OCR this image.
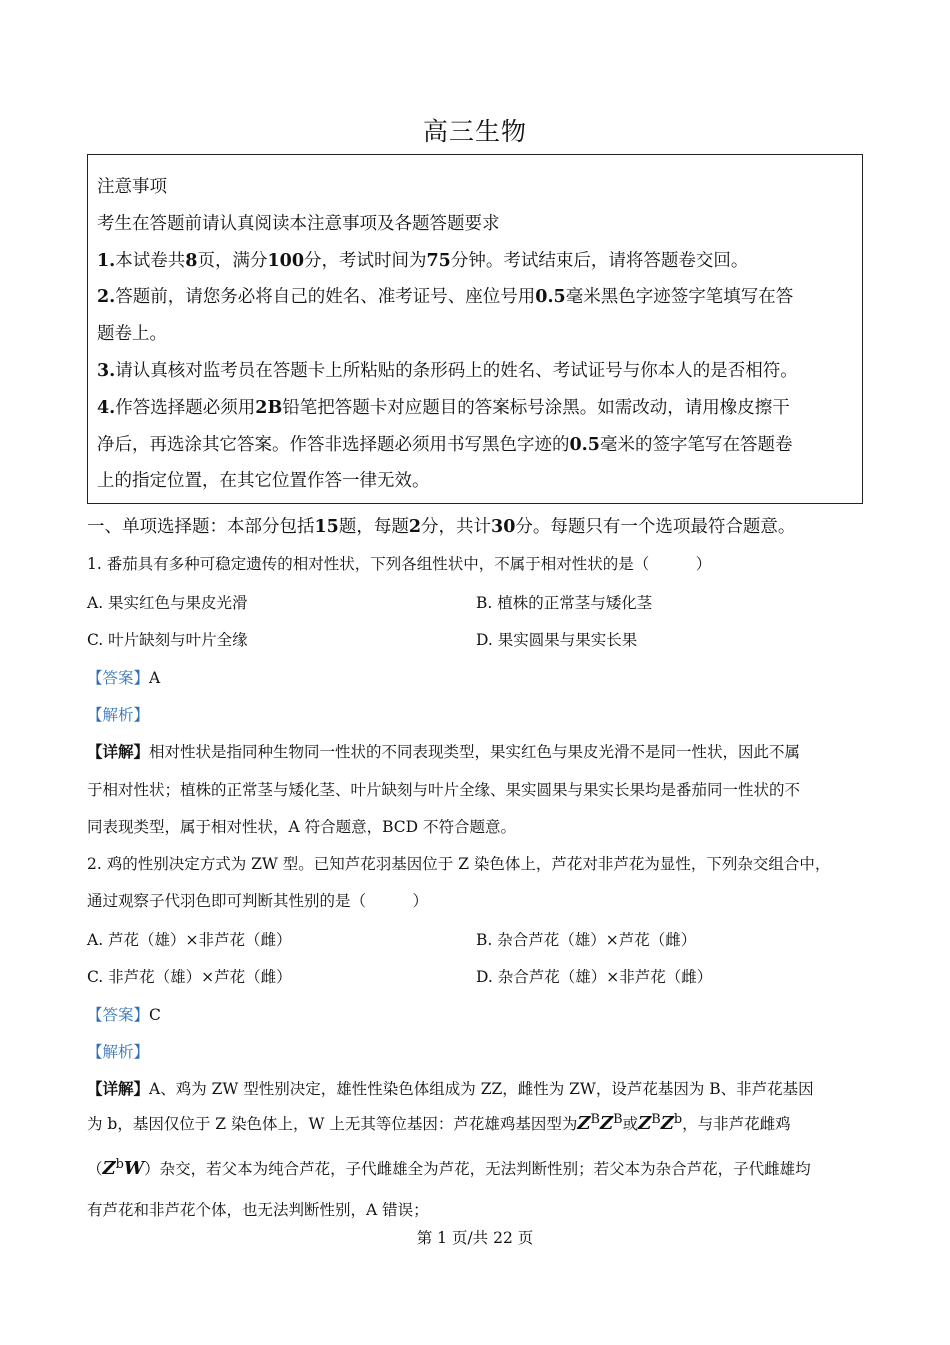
高三生物
注意事项
考生在答题前请认真阅读本注意事项及各题答题要求
1.本试卷共8页，满分100分，考试时间为75分钟。考试结束后，请将答题卷交回。
2.答题前，请您务必将自己的姓名、准考证号、座位号用0.5毫米黑色字迹签字笔填写在答
题卷上。
3.请认真核对监考员在答题卡上所粘贴的条形码上的姓名、考试证号与你本人的是否相符。
4.作答选择题必须用2B铅笔把答题卡对应题目的答案标号涂黑。如需改动，请用橡皮擦干
净后，再选涂其它答案。作答非选择题必须用书写黑色字迹的0.5毫米的签字笔写在答题卷
上的指定位置，在其它位置作答一律无效。
一、单项选择题：本部分包括15题，每题2分，共计30分。每题只有一个选项最符合题意。
1. 番茄具有多种可稳定遗传的相对性状，下列各组性状中，不属于相对性状的是（　　　）
A. 果实红色与果皮光滑	B. 植株的正常茎与矮化茎
C. 叶片缺刻与叶片全缘	D. 果实圆果与果实长果
【答案】A
【解析】
【详解】相对性状是指同种生物同一性状的不同表现类型，果实红色与果皮光滑不是同一性状，因此不属
于相对性状；植株的正常茎与矮化茎、叶片缺刻与叶片全缘、果实圆果与果实长果均是番茄同一性状的不
同表现类型，属于相对性状，A 符合题意，BCD 不符合题意。
2. 鸡的性别决定方式为 ZW 型。已知芦花羽基因位于 Z 染色体上，芦花对非芦花为显性，下列杂交组合中，
通过观察子代羽色即可判断其性别的是（　　　）
A. 芦花（雄）×非芦花（雌）	B. 杂合芦花（雄）×芦花（雌）
C. 非芦花（雄）×芦花（雌）	D. 杂合芦花（雄）×非芦花（雌）
【答案】C
【解析】
【详解】A、鸡为 ZW 型性别决定，雄性性染色体组成为 ZZ，雌性为 ZW，设芦花基因为 B、非芦花基因
为 b，基因仅位于 Z 染色体上，W 上无其等位基因：芦花雄鸡基因型为$Z^BZ^B$或$Z^BZ^b$，与非芦花雌鸡
$(Z^bW)$杂交，若父本为纯合芦花，子代雌雄全为芦花，无法判断性别；若父本为杂合芦花，子代雌雄均
有芦花和非芦花个体，也无法判断性别，A 错误；
第 1 页/共 22 页
